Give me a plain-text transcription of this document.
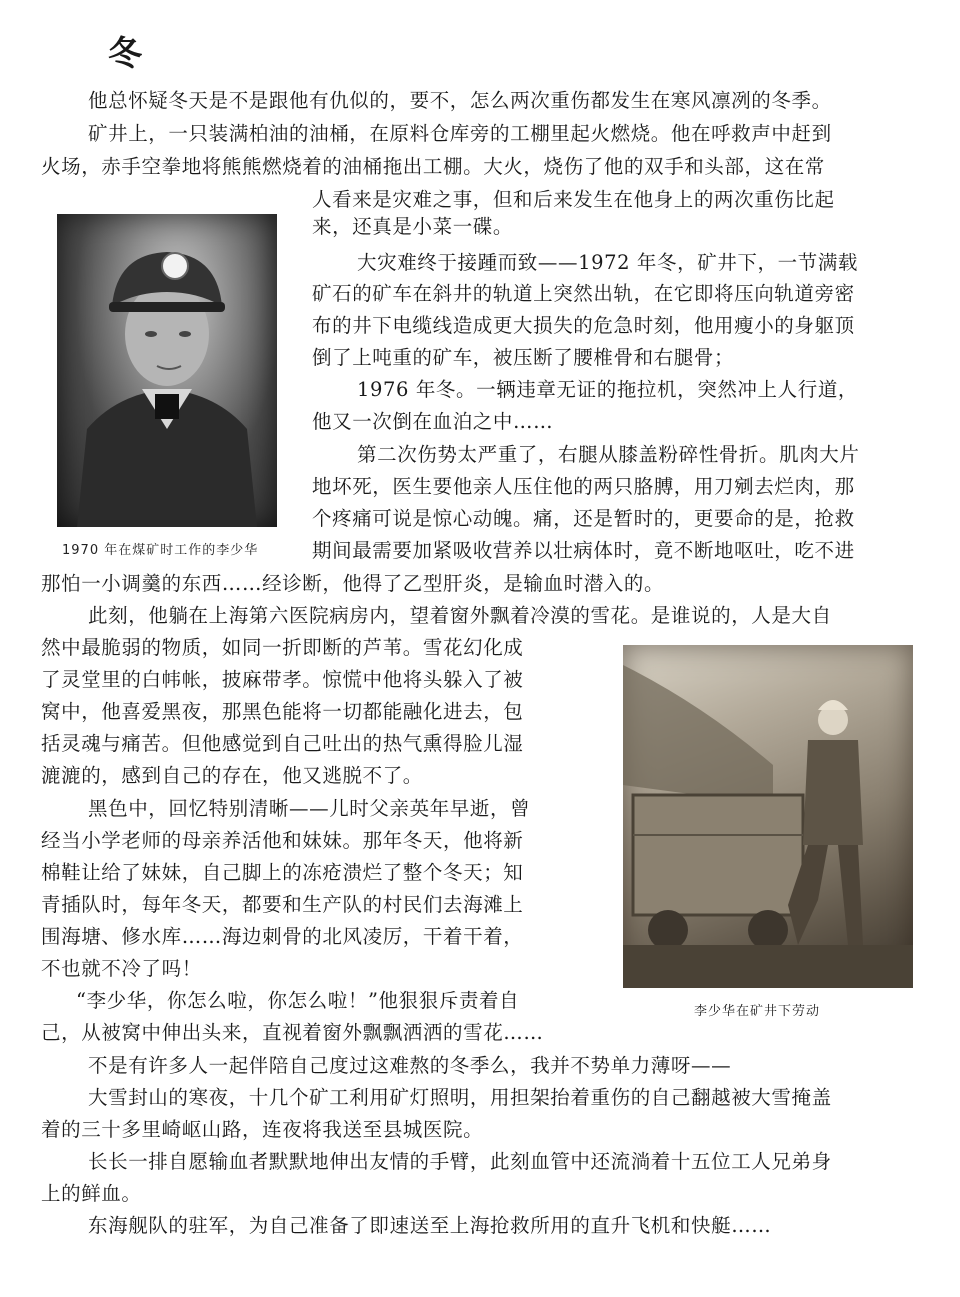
冬
1970 年在煤矿时工作的李少华
李少华在矿井下劳动
他总怀疑冬天是不是跟他有仇似的，要不，怎么两次重伤都发生在寒风凛冽的冬季。
矿井上，一只装满柏油的油桶，在原料仓库旁的工棚里起火燃烧。他在呼救声中赶到
火场，赤手空拳地将熊熊燃烧着的油桶拖出工棚。大火，烧伤了他的双手和头部，这在常
人看来是灾难之事，但和后来发生在他身上的两次重伤比起
来，还真是小菜一碟。
大灾难终于接踵而致——1972 年冬，矿井下，一节满载
矿石的矿车在斜井的轨道上突然出轨，在它即将压向轨道旁密
布的井下电缆线造成更大损失的危急时刻，他用瘦小的身躯顶
倒了上吨重的矿车，被压断了腰椎骨和右腿骨；
1976 年冬。一辆违章无证的拖拉机，突然冲上人行道，
他又一次倒在血泊之中……
第二次伤势太严重了，右腿从膝盖粉碎性骨折。肌肉大片
地坏死，医生要他亲人压住他的两只胳膊，用刀剜去烂肉，那
个疼痛可说是惊心动魄。痛，还是暂时的，更要命的是，抢救
期间最需要加紧吸收营养以壮病体时，竟不断地呕吐，吃不进
那怕一小调羹的东西……经诊断，他得了乙型肝炎，是输血时潜入的。
此刻，他躺在上海第六医院病房内，望着窗外飘着冷漠的雪花。是谁说的，人是大自
然中最脆弱的物质，如同一折即断的芦苇。雪花幻化成
了灵堂里的白帏帐，披麻带孝。惊慌中他将头躲入了被
窝中，他喜爱黑夜，那黑色能将一切都能融化进去，包
括灵魂与痛苦。但他感觉到自己吐出的热气熏得脸儿湿
漉漉的，感到自己的存在，他又逃脱不了。
黑色中，回忆特别清晰——儿时父亲英年早逝，曾
经当小学老师的母亲养活他和妹妹。那年冬天，他将新
棉鞋让给了妹妹，自己脚上的冻疮溃烂了整个冬天；知
青插队时，每年冬天，都要和生产队的村民们去海滩上
围海塘、修水库……海边刺骨的北风凌厉，干着干着，
不也就不冷了吗！
“李少华，你怎么啦，你怎么啦！”他狠狠斥责着自
己，从被窝中伸出头来，直视着窗外飘飘洒洒的雪花……
不是有许多人一起伴陪自己度过这难熬的冬季么，我并不势单力薄呀——
大雪封山的寒夜，十几个矿工利用矿灯照明，用担架抬着重伤的自己翻越被大雪掩盖
着的三十多里崎岖山路，连夜将我送至县城医院。
长长一排自愿输血者默默地伸出友情的手臂，此刻血管中还流淌着十五位工人兄弟身
上的鲜血。
东海舰队的驻军，为自己准备了即速送至上海抢救所用的直升飞机和快艇……
